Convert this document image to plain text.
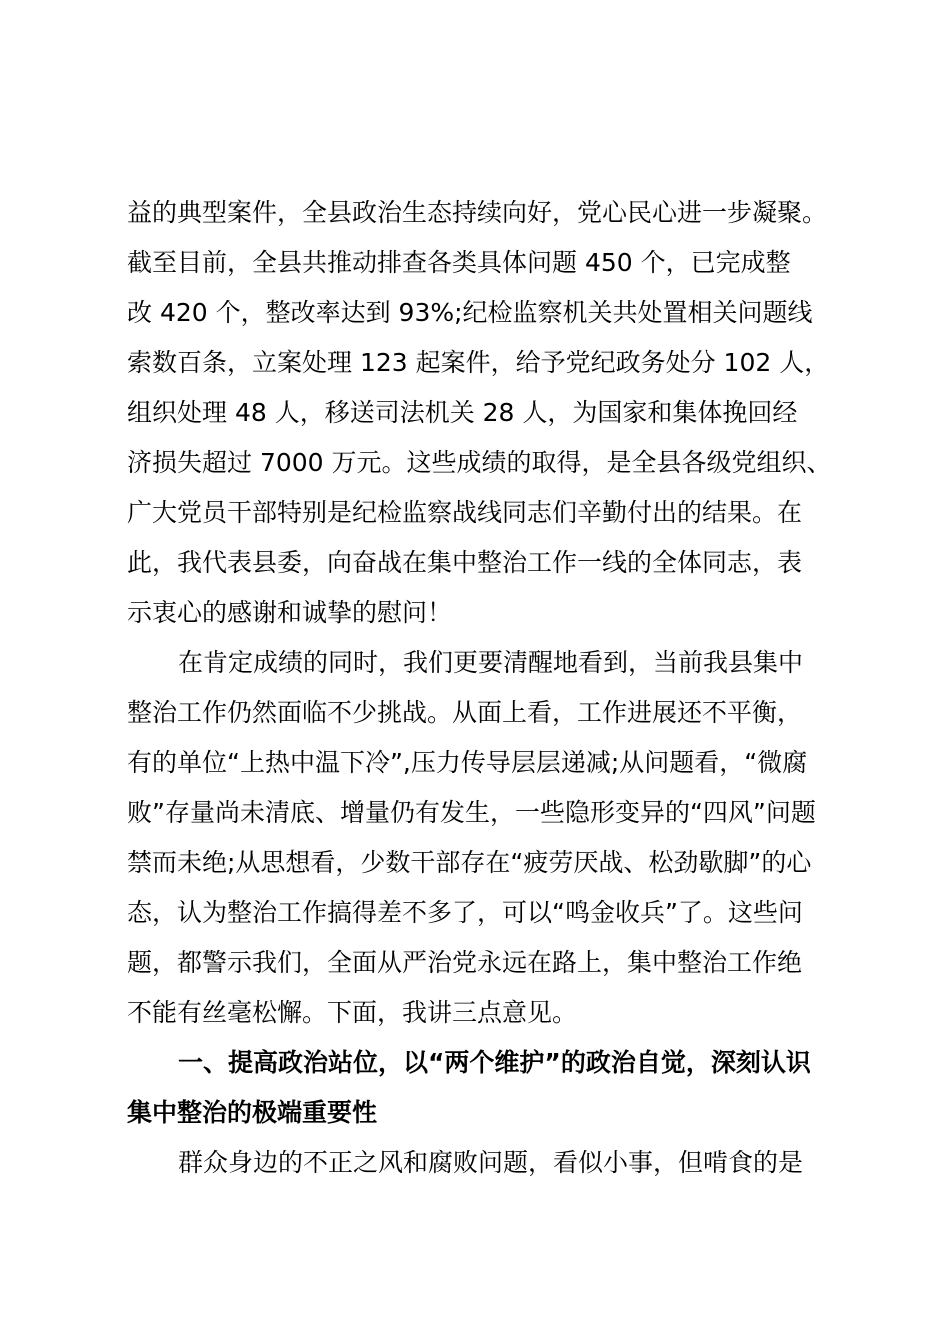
益的典型案件，全县政治生态持续向好，党心民心进一步凝聚。
截至目前，全县共推动排查各类具体问题 450 个，已完成整
改 420 个，整改率达到 93%;纪检监察机关共处置相关问题线
索数百条，立案处理 123 起案件，给予党纪政务处分 102 人，
组织处理 48 人，移送司法机关 28 人，为国家和集体挽回经
济损失超过 7000 万元。这些成绩的取得，是全县各级党组织、
广大党员干部特别是纪检监察战线同志们辛勤付出的结果。在
此，我代表县委，向奋战在集中整治工作一线的全体同志，表
示衷心的感谢和诚挚的慰问！
在肯定成绩的同时，我们更要清醒地看到，当前我县集中
整治工作仍然面临不少挑战。从面上看，工作进展还不平衡，
有的单位“上热中温下冷”,压力传导层层递减;从问题看，“微腐
败”存量尚未清底、增量仍有发生，一些隐形变异的“四风”问题
禁而未绝;从思想看，少数干部存在“疲劳厌战、松劲歇脚”的心
态，认为整治工作搞得差不多了，可以“鸣金收兵”了。这些问
题，都警示我们，全面从严治党永远在路上，集中整治工作绝
不能有丝毫松懈。下面，我讲三点意见。
一、提高政治站位，以“两个维护”的政治自觉，深刻认识
集中整治的极端重要性
群众身边的不正之风和腐败问题，看似小事，但啃食的是
